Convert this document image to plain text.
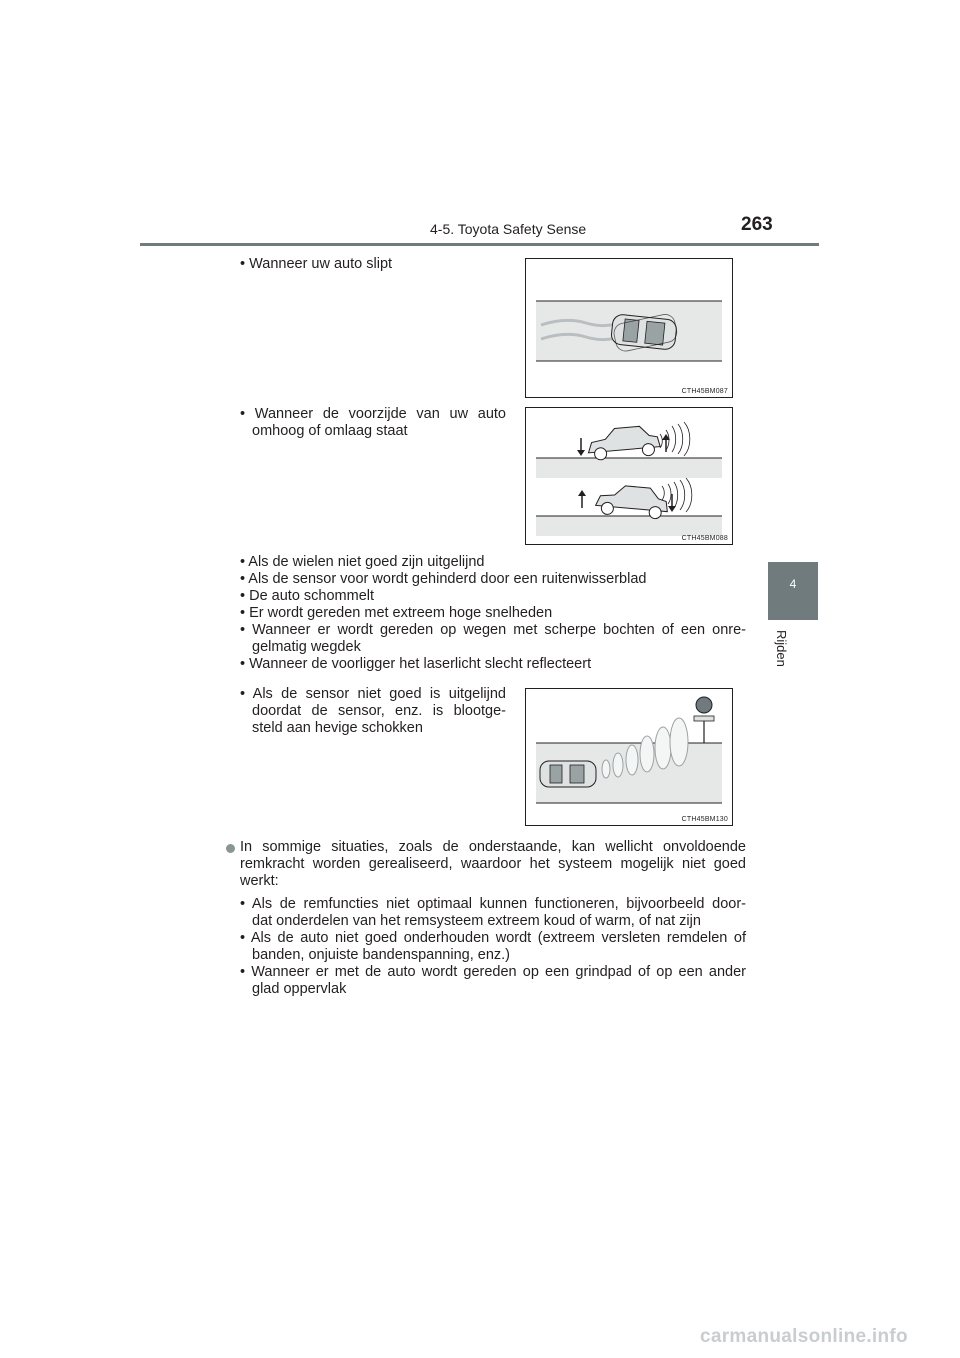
4-5. Toyota Safety Sense	263
4
Rijden
• Wanneer uw auto slipt
CTH45BM087
• Wanneer de voorzijde van uw auto
omhoog of omlaag staat
CTH45BM088
• Als de wielen niet goed zijn uitgelijnd
• Als de sensor voor wordt gehinderd door een ruitenwisserblad
• De auto schommelt
• Er wordt gereden met extreem hoge snelheden
• Wanneer er wordt gereden op wegen met scherpe bochten of een onre-
gelmatig wegdek
• Wanneer de voorligger het laserlicht slecht reflecteert
• Als de sensor niet goed is uitgelijnd
doordat de sensor, enz. is blootge-
steld aan hevige schokken
CTH45BM130
In sommige situaties, zoals de onderstaande, kan wellicht onvoldoende
remkracht worden gerealiseerd, waardoor het systeem mogelijk niet goed
werkt:
• Als de remfuncties niet optimaal kunnen functioneren, bijvoorbeeld door-
dat onderdelen van het remsysteem extreem koud of warm, of nat zijn
• Als de auto niet goed onderhouden wordt (extreem versleten remdelen of
banden, onjuiste bandenspanning, enz.)
• Wanneer er met de auto wordt gereden op een grindpad of op een ander
glad oppervlak
carmanualsonline.info
